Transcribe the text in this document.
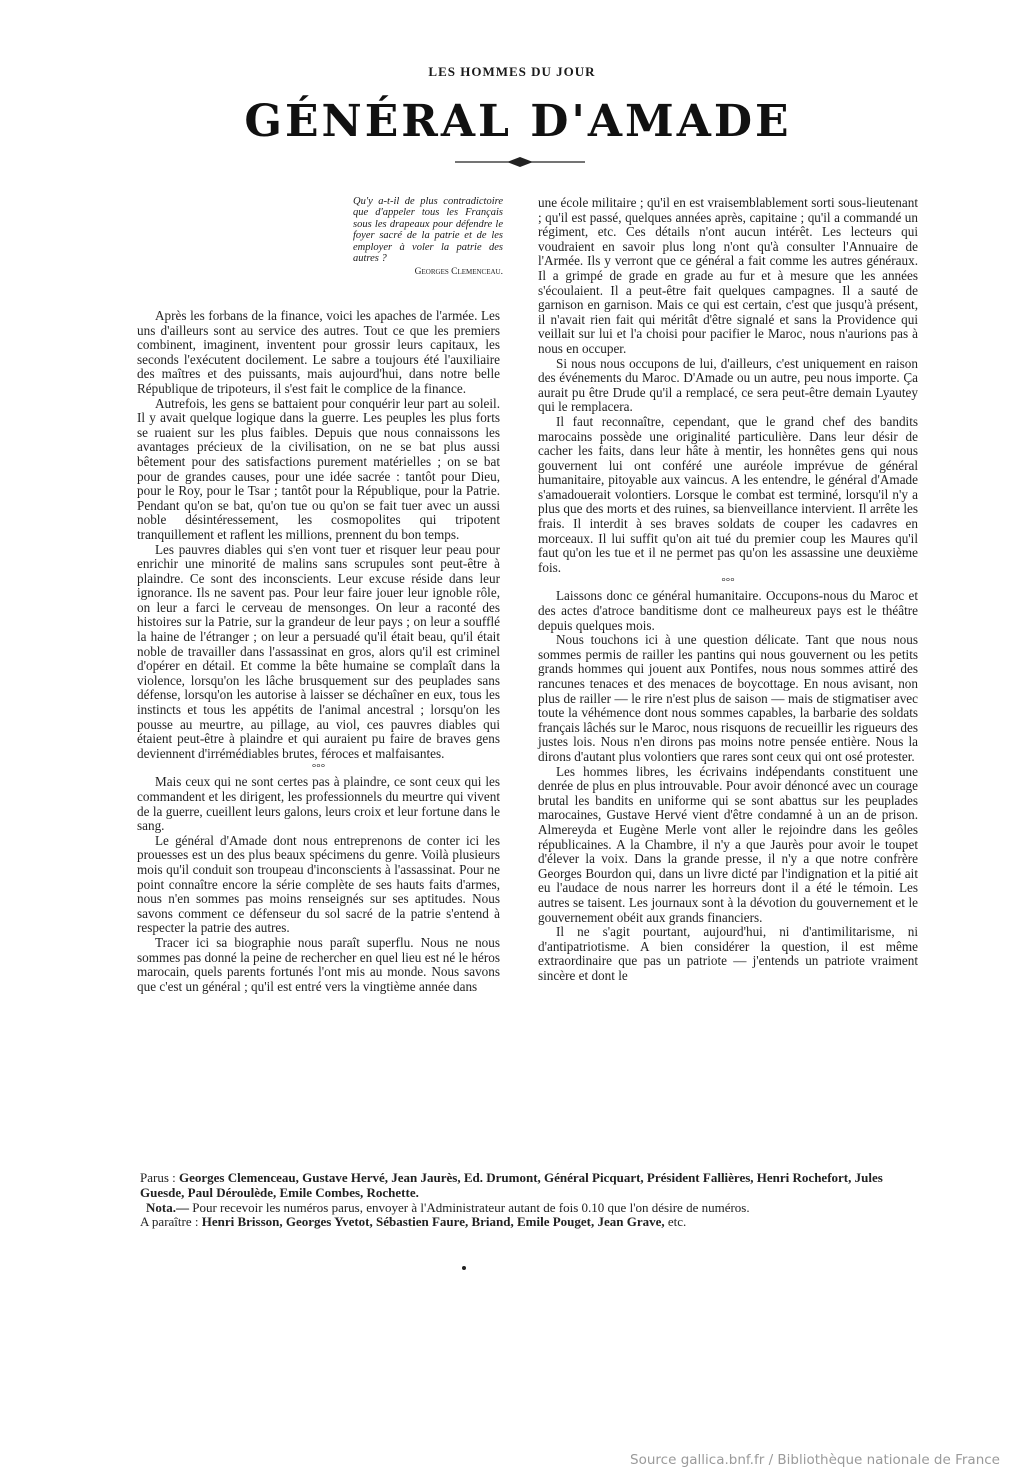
LES HOMMES DU JOUR
GÉNÉRAL D'AMADE
Qu'y a-t-il de plus contradictoire que d'appeler tous les Français sous les drapeaux pour défendre le foyer sacré de la patrie et de les employer à voler la patrie des autres ?
Georges Clemenceau.

Après les forbans de la finance, voici les apaches de l'armée. Les uns d'ailleurs sont au service des autres. Tout ce que les premiers combinent, imaginent, inventent pour grossir leurs capitaux, les seconds l'exécutent docilement. Le sabre a toujours été l'auxiliaire des maîtres et des puissants, mais aujourd'hui, dans notre belle République de tripoteurs, il s'est fait le complice de la finance.

Autrefois, les gens se battaient pour conquérir leur part au soleil. Il y avait quelque logique dans la guerre. Les peuples les plus forts se ruaient sur les plus faibles. Depuis que nous connaissons les avantages précieux de la civilisation, on ne se bat plus aussi bêtement pour des satisfactions purement matérielles ; on se bat pour de grandes causes, pour une idée sacrée : tantôt pour Dieu, pour le Roy, pour le Tsar ; tantôt pour la République, pour la Patrie. Pendant qu'on se bat, qu'on tue ou qu'on se fait tuer avec un aussi noble désintéressement, les cosmopolites qui tripotent tranquillement et raflent les millions, prennent du bon temps.

Les pauvres diables qui s'en vont tuer et risquer leur peau pour enrichir une minorité de malins sans scrupules sont peut-être à plaindre. Ce sont des inconscients. Leur excuse réside dans leur ignorance. Ils ne savent pas. Pour leur faire jouer leur ignoble rôle, on leur a farci le cerveau de mensonges. On leur a raconté des histoires sur la Patrie, sur la grandeur de leur pays ; on leur a soufflé la haine de l'étranger ; on leur a persuadé qu'il était beau, qu'il était noble de travailler dans l'assassinat en gros, alors qu'il est criminel d'opérer en détail. Et comme la bête humaine se complaît dans la violence, lorsqu'on les lâche brusquement sur des peuplades sans défense, lorsqu'on les autorise à laisser se déchaîner en eux, tous les instincts et tous les appétits de l'animal ancestral ; lorsqu'on les pousse au meurtre, au pillage, au viol, ces pauvres diables qui étaient peut-être à plaindre et qui auraient pu faire de braves gens deviennent d'irrémédiables brutes, féroces et malfaisantes.

°°°

Mais ceux qui ne sont certes pas à plaindre, ce sont ceux qui les commandent et les dirigent, les professionnels du meurtre qui vivent de la guerre, cueillent leurs galons, leurs croix et leur fortune dans le sang.

Le général d'Amade dont nous entreprenons de conter ici les prouesses est un des plus beaux spécimens du genre. Voilà plusieurs mois qu'il conduit son troupeau d'inconscients à l'assassinat. Pour ne point connaître encore la série complète de ses hauts faits d'armes, nous n'en sommes pas moins renseignés sur ses aptitudes. Nous savons comment ce défenseur du sol sacré de la patrie s'entend à respecter la patrie des autres.

Tracer ici sa biographie nous paraît superflu. Nous ne nous sommes pas donné la peine de rechercher en quel lieu est né le héros marocain, quels parents fortunés l'ont mis au monde. Nous savons que c'est un général ; qu'il est entré vers la vingtième année dans

une école militaire ; qu'il en est vraisemblablement sorti sous-lieutenant ; qu'il est passé, quelques années après, capitaine ; qu'il a commandé un régiment, etc. Ces détails n'ont aucun intérêt. Les lecteurs qui voudraient en savoir plus long n'ont qu'à consulter l'Annuaire de l'Armée. Ils y verront que ce général a fait comme les autres généraux. Il a grimpé de grade en grade au fur et à mesure que les années s'écoulaient. Il a peut-être fait quelques campagnes. Il a sauté de garnison en garnison. Mais ce qui est certain, c'est que jusqu'à présent, il n'avait rien fait qui méritât d'être signalé et sans la Providence qui veillait sur lui et l'a choisi pour pacifier le Maroc, nous n'aurions pas à nous en occuper.

Si nous nous occupons de lui, d'ailleurs, c'est uniquement en raison des événements du Maroc. D'Amade ou un autre, peu nous importe. Ça aurait pu être Drude qu'il a remplacé, ce sera peut-être demain Lyautey qui le remplacera.

Il faut reconnaître, cependant, que le grand chef des bandits marocains possède une originalité particulière. Dans leur désir de cacher les faits, dans leur hâte à mentir, les honnêtes gens qui nous gouvernent lui ont conféré une auréole imprévue de général humanitaire, pitoyable aux vaincus. A les entendre, le général d'Amade s'amadouerait volontiers. Lorsque le combat est terminé, lorsqu'il n'y a plus que des morts et des ruines, sa bienveillance intervient. Il arrête les frais. Il interdit à ses braves soldats de couper les cadavres en morceaux. Il lui suffit qu'on ait tué du premier coup les Maures qu'il faut qu'on les tue et il ne permet pas qu'on les assassine une deuxième fois.

°°°

Laissons donc ce général humanitaire. Occupons-nous du Maroc et des actes d'atroce banditisme dont ce malheureux pays est le théâtre depuis quelques mois.

Nous touchons ici à une question délicate. Tant que nous nous sommes permis de railler les pantins qui nous gouvernent ou les petits grands hommes qui jouent aux Pontifes, nous nous sommes attiré des rancunes tenaces et des menaces de boycottage. En nous avisant, non plus de railler — le rire n'est plus de saison — mais de stigmatiser avec toute la véhémence dont nous sommes capables, la barbarie des soldats français lâchés sur le Maroc, nous risquons de recueillir les rigueurs des justes lois. Nous n'en dirons pas moins notre pensée entière. Nous la dirons d'autant plus volontiers que rares sont ceux qui ont osé protester.

Les hommes libres, les écrivains indépendants constituent une denrée de plus en plus introuvable. Pour avoir dénoncé avec un courage brutal les bandits en uniforme qui se sont abattus sur les peuplades marocaines, Gustave Hervé vient d'être condamné à un an de prison. Almereyda et Eugène Merle vont aller le rejoindre dans les geôles républicaines. A la Chambre, il n'y a que Jaurès pour avoir le toupet d'élever la voix. Dans la grande presse, il n'y a que notre confrère Georges Bourdon qui, dans un livre dicté par l'indignation et la pitié ait eu l'audace de nous narrer les horreurs dont il a été le témoin. Les autres se taisent. Les journaux sont à la dévotion du gouvernement et le gouvernement obéit aux grands financiers.

Il ne s'agit pourtant, aujourd'hui, ni d'antimilitarisme, ni d'antipatriotisme. A bien considérer la question, il est même extraordinaire que pas un patriote — j'entends un patriote vraiment sincère et dont le

Parus : Georges Clemenceau, Gustave Hervé, Jean Jaurès, Ed. Drumont, Général Picquart, Président Fallières, Henri Rochefort, Jules Guesde, Paul Déroulède, Emile Combes, Rochette.
Nota.— Pour recevoir les numéros parus, envoyer à l'Administrateur autant de fois 0.10 que l'on désire de numéros.
A paraître : Henri Brisson, Georges Yvetot, Sébastien Faure, Briand, Emile Pouget, Jean Grave, etc.
Source gallica.bnf.fr / Bibliothèque nationale de France
